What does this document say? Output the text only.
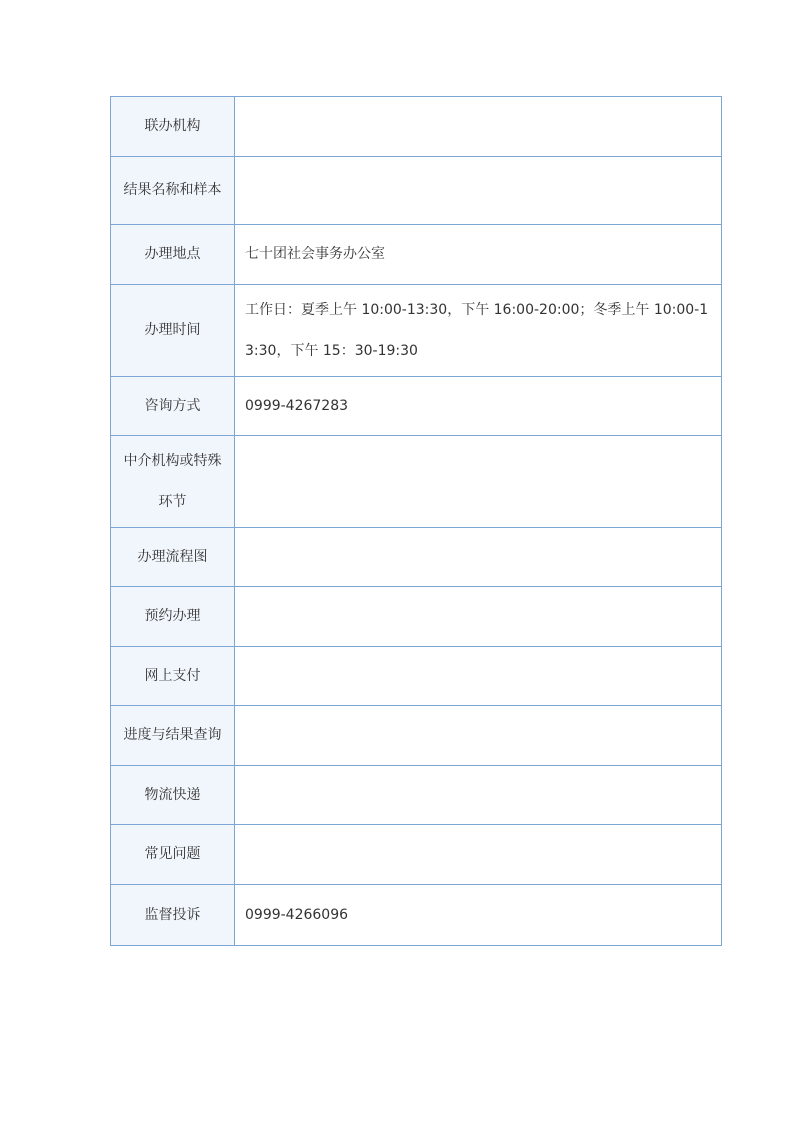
联办机构	
结果名称和样本	
办理地点	七十团社会事务办公室
办理时间	工作日：夏季上午 10:00-13:30，下午 16:00-20:00；冬季上午 10:00-13:30，下午 15：30-19:30
咨询方式	0999-4267283
中介机构或特殊环节	
办理流程图	
预约办理	
网上支付	
进度与结果查询	
物流快递	
常见问题	
监督投诉	0999-4266096
